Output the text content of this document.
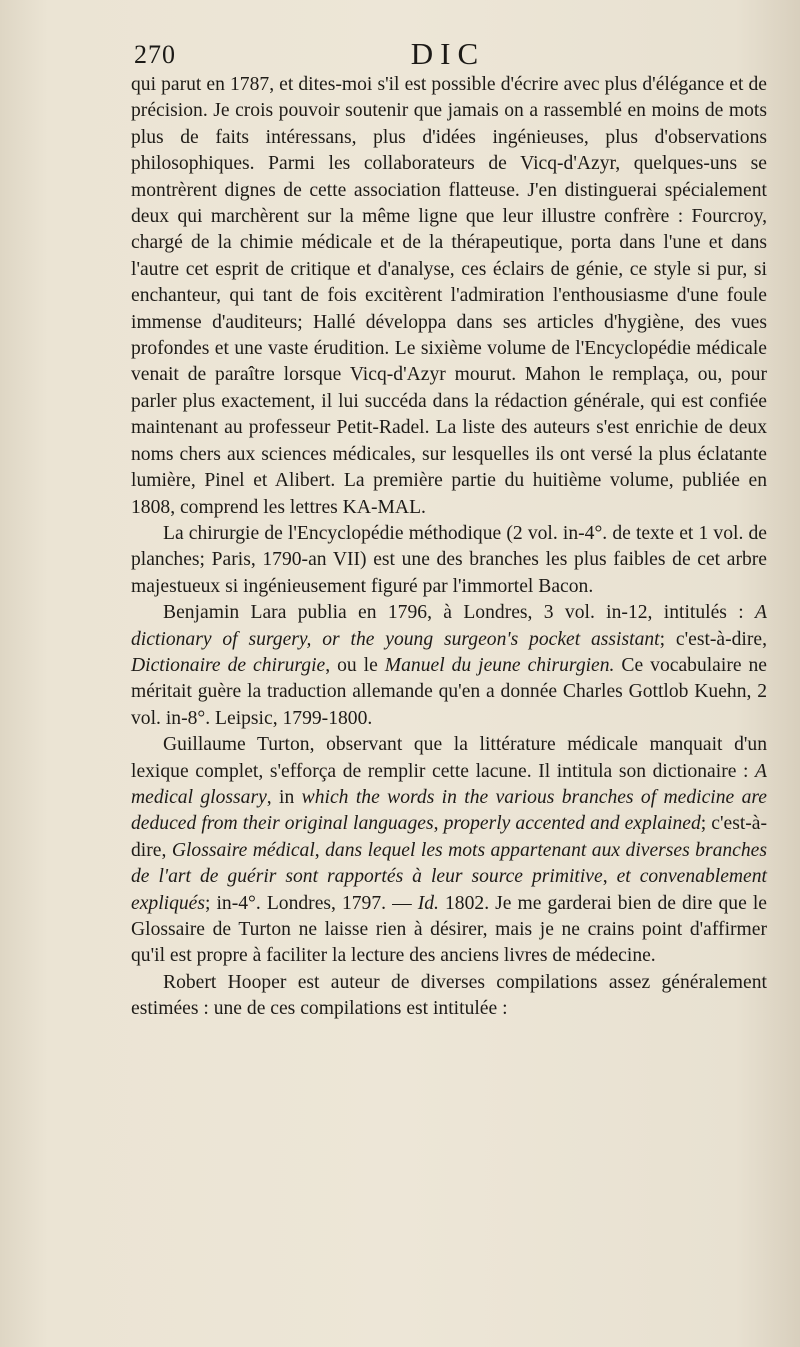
270	DIC

qui parut en 1787, et dites-moi s'il est possible d'écrire avec plus d'élégance et de précision. Je crois pouvoir soutenir que jamais on a rassemblé en moins de mots plus de faits intéressans, plus d'idées ingénieuses, plus d'observations philosophiques. Parmi les collaborateurs de Vicq-d'Azyr, quelques-uns se montrèrent dignes de cette association flatteuse. J'en distinguerai spécialement deux qui marchèrent sur la même ligne que leur illustre confrère : Fourcroy, chargé de la chimie médicale et de la thérapeutique, porta dans l'une et dans l'autre cet esprit de critique et d'analyse, ces éclairs de génie, ce style si pur, si enchanteur, qui tant de fois excitèrent l'admiration l'enthousiasme d'une foule immense d'auditeurs; Hallé développa dans ses articles d'hygiène, des vues profondes et une vaste érudition. Le sixième volume de l'Encyclopédie médicale venait de paraître lorsque Vicq-d'Azyr mourut. Mahon le remplaça, ou, pour parler plus exactement, il lui succéda dans la rédaction générale, qui est confiée maintenant au professeur Petit-Radel. La liste des auteurs s'est enrichie de deux noms chers aux sciences médicales, sur lesquelles ils ont versé la plus éclatante lumière, Pinel et Alibert. La première partie du huitième volume, publiée en 1808, comprend les lettres KA-MAL.

La chirurgie de l'Encyclopédie méthodique (2 vol. in-4°. de texte et 1 vol. de planches; Paris, 1790-an VII) est une des branches les plus faibles de cet arbre majestueux si ingénieusement figuré par l'immortel Bacon.

Benjamin Lara publia en 1796, à Londres, 3 vol. in-12, intitulés : A dictionary of surgery, or the young surgeon's pocket assistant; c'est-à-dire, Dictionaire de chirurgie, ou le Manuel du jeune chirurgien. Ce vocabulaire ne méritait guère la traduction allemande qu'en a donnée Charles Gottlob Kuehn, 2 vol. in-8°. Leipsic, 1799-1800.

Guillaume Turton, observant que la littérature médicale manquait d'un lexique complet, s'efforça de remplir cette lacune. Il intitula son dictionaire : A medical glossary, in which the words in the various branches of medicine are deduced from their original languages, properly accented and explained; c'est-à-dire, Glossaire médical, dans lequel les mots appartenant aux diverses branches de l'art de guérir sont rapportés à leur source primitive, et convenablement expliqués; in-4°. Londres, 1797. — Id. 1802. Je me garderai bien de dire que le Glossaire de Turton ne laisse rien à désirer, mais je ne crains point d'affirmer qu'il est propre à faciliter la lecture des anciens livres de médecine.

Robert Hooper est auteur de diverses compilations assez généralement estimées : une de ces compilations est intitulée :
